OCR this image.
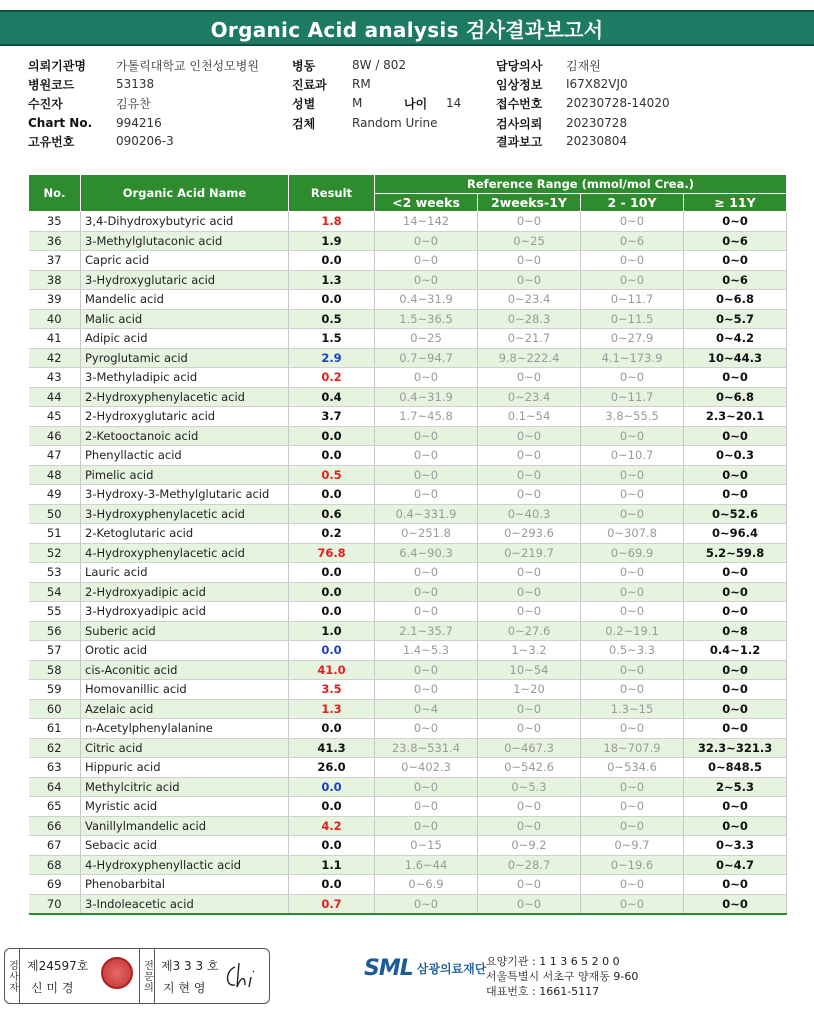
Organic Acid analysis 검사결과보고서
의뢰기관명	가톨릭대학교 인천성모병원
병원코드	53138
수진자	김유찬
Chart No.	994216
고유번호	090206-3
병동	8W / 802
진료과	RM
성별	M	나이	14
검체	Random Urine
담당의사	김재원
임상정보	I67X82VJ0
접수번호	20230728-14020
검사의뢰	20230728
결과보고	20230804
No.	Organic Acid Name	Result	Reference Range (mmol/mol Crea.)			
			<2 weeks	2weeks-1Y	2 - 10Y	≥ 11Y
35	3,4-Dihydroxybutyric acid	1.8	14~142	0~0	0~0	0~0
36	3-Methylglutaconic acid	1.9	0~0	0~25	0~6	0~6
37	Capric acid	0.0	0~0	0~0	0~0	0~0
38	3-Hydroxyglutaric acid	1.3	0~0	0~0	0~0	0~6
39	Mandelic acid	0.0	0.4~31.9	0~23.4	0~11.7	0~6.8
40	Malic acid	0.5	1.5~36.5	0~28.3	0~11.5	0~5.7
41	Adipic acid	1.5	0~25	0~21.7	0~27.9	0~4.2
42	Pyroglutamic acid	2.9	0.7~94.7	9.8~222.4	4.1~173.9	10~44.3
43	3-Methyladipic acid	0.2	0~0	0~0	0~0	0~0
44	2-Hydroxyphenylacetic acid	0.4	0.4~31.9	0~23.4	0~11.7	0~6.8
45	2-Hydroxyglutaric acid	3.7	1.7~45.8	0.1~54	3.8~55.5	2.3~20.1
46	2-Ketooctanoic acid	0.0	0~0	0~0	0~0	0~0
47	Phenyllactic acid	0.0	0~0	0~0	0~10.7	0~0.3
48	Pimelic acid	0.5	0~0	0~0	0~0	0~0
49	3-Hydroxy-3-Methylglutaric acid	0.0	0~0	0~0	0~0	0~0
50	3-Hydroxyphenylacetic acid	0.6	0.4~331.9	0~40.3	0~0	0~52.6
51	2-Ketoglutaric acid	0.2	0~251.8	0~293.6	0~307.8	0~96.4
52	4-Hydroxyphenylacetic acid	76.8	6.4~90.3	0~219.7	0~69.9	5.2~59.8
53	Lauric acid	0.0	0~0	0~0	0~0	0~0
54	2-Hydroxyadipic acid	0.0	0~0	0~0	0~0	0~0
55	3-Hydroxyadipic acid	0.0	0~0	0~0	0~0	0~0
56	Suberic acid	1.0	2.1~35.7	0~27.6	0.2~19.1	0~8
57	Orotic acid	0.0	1.4~5.3	1~3.2	0.5~3.3	0.4~1.2
58	cis-Aconitic acid	41.0	0~0	10~54	0~0	0~0
59	Homovanillic acid	3.5	0~0	1~20	0~0	0~0
60	Azelaic acid	1.3	0~4	0~0	1.3~15	0~0
61	n-Acetylphenylalanine	0.0	0~0	0~0	0~0	0~0
62	Citric acid	41.3	23.8~531.4	0~467.3	18~707.9	32.3~321.3
63	Hippuric acid	26.0	0~402.3	0~542.6	0~534.6	0~848.5
64	Methylcitric acid	0.0	0~0	0~5.3	0~0	2~5.3
65	Myristic acid	0.0	0~0	0~0	0~0	0~0
66	Vanillylmandelic acid	4.2	0~0	0~0	0~0	0~0
67	Sebacic acid	0.0	0~15	0~9.2	0~9.7	0~3.3
68	4-Hydroxyphenyllactic acid	1.1	1.6~44	0~28.7	0~19.6	0~4.7
69	Phenobarbital	0.0	0~6.9	0~0	0~0	0~0
70	3-Indoleacetic acid	0.7	0~0	0~0	0~0	0~0
검사자 제24597호
신 미 경	전문의 제3 3 3 호
지 현 영
SML 삼광의료재단
요양기관 : 1 1 3 6 5 2 0 0
서울특별시 서초구 양재동 9-60
대표번호 : 1661-5117
